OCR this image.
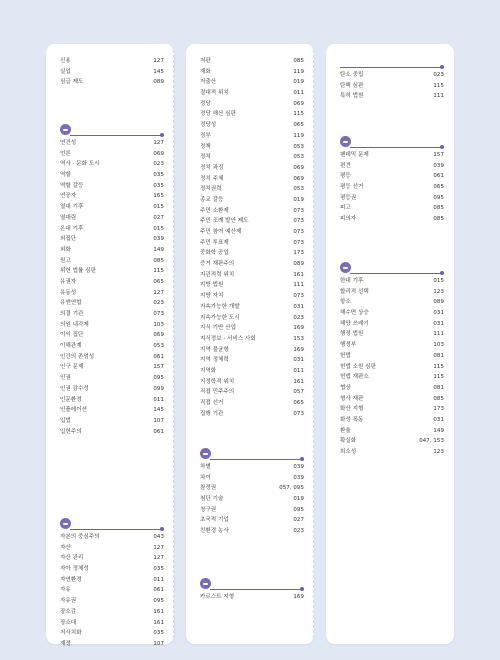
신용	127
실업	145
심급 제도	089
연건성	127
언론	069
역사 · 문화 도시	023
역할	035
역할 갈등	035
연공자	165
열대 기후	015
열대림	027
온대 기후	015
외집단	039
외화	149
원고	085
위헌 법률 심판	115
유권자	065
유동성	127
유엔연합	023
의결 기관	073
의원 내각제	103
이익 집단	069
이해관계	053
인간의 존엄성	061
인구 문제	157
인권	095
인권 감수성	099
인문환경	011
인플레이션	145
입법	107
입헌주의	061
자본의 중심주의	043
자산	127
자산 관리	127
자아 정체성	035
자연환경	011
자유	061
자유권	095
장소감	161
장소대	161
저사치화	035
재정	107
저판	085
재화	119
저출산	019
절대적 위치	011
정당	069
정당 해산 심판	115
정당성	065
정부	119
정책	053
정치	053
정치 과정	069
정치 주체	069
정치권력	053
종교 갈등	019
주민 소환제	073
주민 조례 발안 제도	073
주민 참여 예산제	073
주민 투표제	073
중화학 공업	173
증거 재판주의	089
지관적력 위치	161
지방 법원	111
지방 자치	073
지속가능한 개발	031
지속가능한 도시	023
지식 기반 산업	169
지식정보 · 서비스 사회	153
지역 불균형	169
지역 정체력	031
지역화	011
지정학적 위치	161
직접 민주주의	057
직접 선거	065
집행 기관	073
차별	039
차이	039
참정권	057, 095
첨단 기술	019
청구권	095
초국적 기업	027
친환경 농사	023
카르스트 지형	169
탄소 중립	023
탄핵 심판	115
특허 법원	111
팬데믹 문제	157
편견	039
평등	061
평등 선거	065
평등권	095
피고	085
피의자	085
한대 기후	015
합리적 선택	123
항소	089
해수면 상승	031
해양 쓰레기	031
행정 법원	111
행정부	103
헌법	081
헌법 소원 심판	115
헌법 재판소	115
협상	081
형사 재판	085
화산 지형	173
화성 폭동	031
환율	149
확실화	047, 153
희소성	123
